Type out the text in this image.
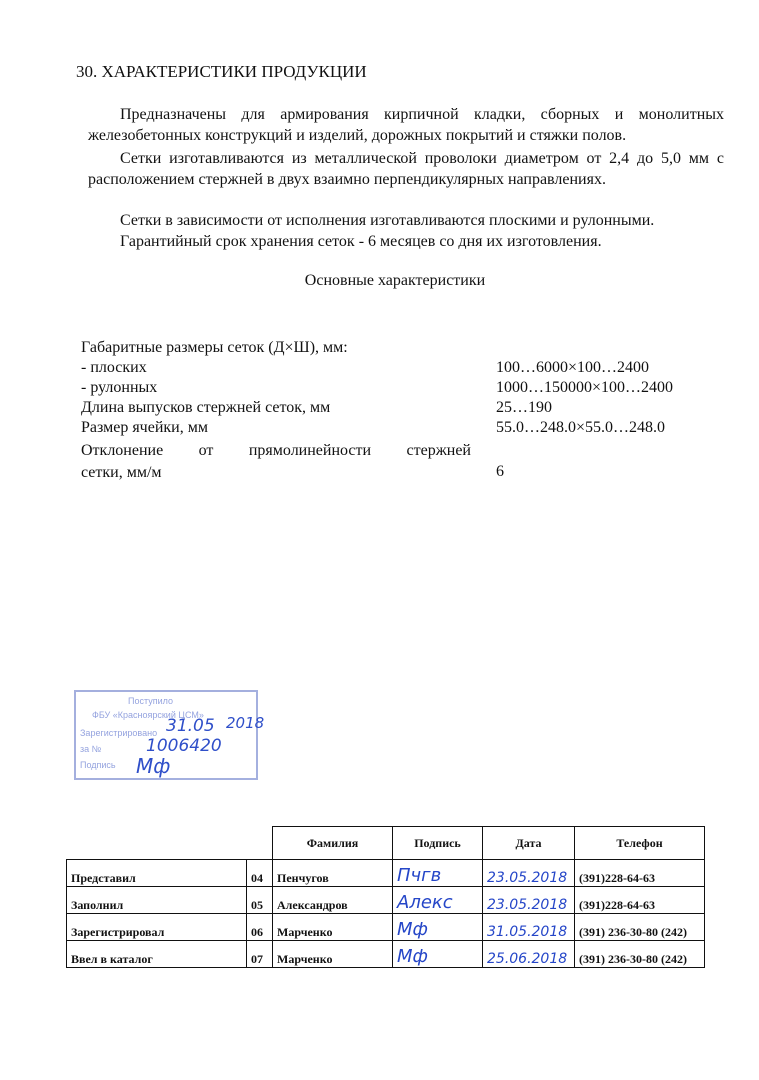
30. ХАРАКТЕРИСТИКИ ПРОДУКЦИИ
Предназначены для армирования кирпичной кладки, сборных и монолитных железобетонных конструкций и изделий, дорожных покрытий и стяжки полов.
Сетки изготавливаются из металлической проволоки диаметром от 2,4 до 5,0 мм с расположением стержней в двух взаимно перпендикулярных направлениях.
Сетки в зависимости от исполнения изготавливаются плоскими и рулонными.
Гарантийный срок хранения сеток - 6 месяцев со дня их изготовления.
Основные характеристики
Габаритные размеры сеток (Д×Ш), мм:
- плоских	100…6000×100…2400
- рулонных	1000…150000×100…2400
Длина выпусков стержней сеток, мм	25…190
Размер ячейки, мм	55.0…248.0×55.0…248.0
Отклонение от прямолинейности стержней
сетки, мм/м	6
Поступило
ФБУ «Красноярский ЦСМ»
Зарегистрировано
за №
Подпись
31.05 2018
1006420
Мф
		Фамилия	Подпись	Дата	Телефон
Представил	04	Пенчугов	Пчгв	23.05.2018	(391)228-64-63
Заполнил	05	Александров	Алекс	23.05.2018	(391)228-64-63
Зарегистрировал	06	Марченко	Мф	31.05.2018	(391) 236-30-80 (242)
Ввел в каталог	07	Марченко	Мф	25.06.2018	(391) 236-30-80 (242)
